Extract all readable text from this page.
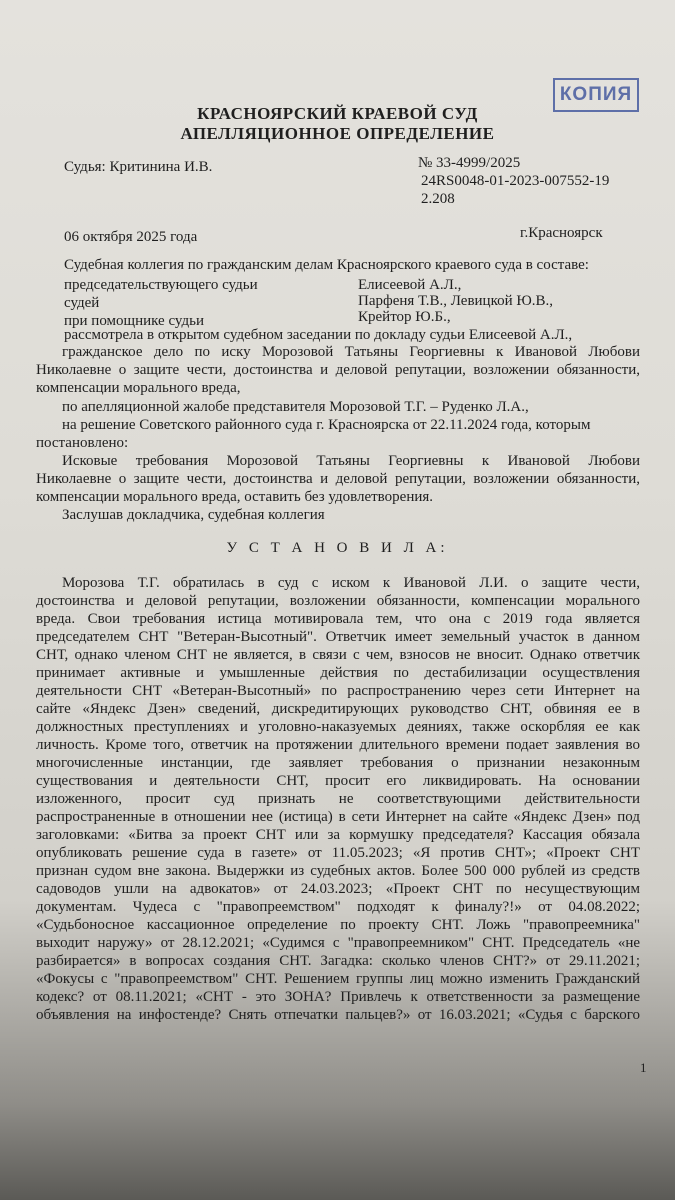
КОПИЯ
КРАСНОЯРСКИЙ КРАЕВОЙ СУД
АПЕЛЛЯЦИОННОЕ ОПРЕДЕЛЕНИЕ
Судья: Критинина И.В.	№ 33-4999/2025
24RS0048-01-2023-007552-19
2.208
06 октября 2025 года	г.Красноярск
Судебная коллегия по гражданским делам Красноярского краевого суда в составе:
председательствующего судьи	Елисеевой А.Л.,
судей	Парфеня Т.В., Левицкой Ю.В.,
при помощнике судьи	Крейтор Ю.Б.,
рассмотрела в открытом судебном заседании по докладу судьи Елисеевой А.Л.,
гражданское дело по иску Морозовой Татьяны Георгиевны к Ивановой Любови
Николаевне о защите чести, достоинства и деловой репутации, возложении обязанности,
компенсации морального вреда,
по апелляционной жалобе представителя Морозовой Т.Г. – Руденко Л.А.,
на решение Советского районного суда г. Красноярска от 22.11.2024 года, которым
постановлено:
Исковые требования Морозовой Татьяны Георгиевны к Ивановой Любови
Николаевне о защите чести, достоинства и деловой репутации, возложении обязанности,
компенсации морального вреда, оставить без удовлетворения.
Заслушав докладчика, судебная коллегия
У С Т А Н О В И Л А:
Морозова Т.Г. обратилась в суд с иском к Ивановой Л.И. о защите чести,
достоинства и деловой репутации, возложении обязанности, компенсации морального
вреда. Свои требования истица мотивировала тем, что она с 2019 года является
председателем СНТ "Ветеран-Высотный". Ответчик имеет земельный участок в данном
СНТ, однако членом СНТ не является, в связи с чем, взносов не вносит. Однако ответчик
принимает активные и умышленные действия по дестабилизации осуществления
деятельности СНТ «Ветеран-Высотный» по распространению через сети Интернет на
сайте «Яндекс Дзен» сведений, дискредитирующих руководство СНТ, обвиняя ее в
должностных преступлениях и уголовно-наказуемых деяниях, также оскорбляя ее как
личность. Кроме того, ответчик на протяжении длительного времени подает заявления во
многочисленные инстанции, где заявляет требования о признании незаконным
существования и деятельности СНТ, просит его ликвидировать. На основании
изложенного, просит суд признать не соответствующими действительности
распространенные в отношении нее (истица) в сети Интернет на сайте «Яндекс Дзен» под
заголовками: «Битва за проект СНТ или за кормушку председателя? Кассация обязала
опубликовать решение суда в газете» от 11.05.2023; «Я против СНТ»; «Проект СНТ
признан судом вне закона. Выдержки из судебных актов. Более 500 000 рублей из средств
садоводов ушли на адвокатов» от 24.03.2023; «Проект СНТ по несуществующим
документам. Чудеса с "правопреемством" подходят к финалу?!» от 04.08.2022;
«Судьбоносное кассационное определение по проекту СНТ. Ложь "правопреемника"
выходит наружу» от 28.12.2021; «Судимся с "правопреемником" СНТ. Председатель «не
разбирается» в вопросах создания СНТ. Загадка: сколько членов СНТ?» от 29.11.2021;
«Фокусы с "правопреемством" СНТ. Решением группы лиц можно изменить Гражданский
кодекс? от 08.11.2021; «СНТ - это ЗОНА? Привлечь к ответственности за размещение
объявления на инфостенде? Снять отпечатки пальцев?» от 16.03.2021; «Судья с барского
1
